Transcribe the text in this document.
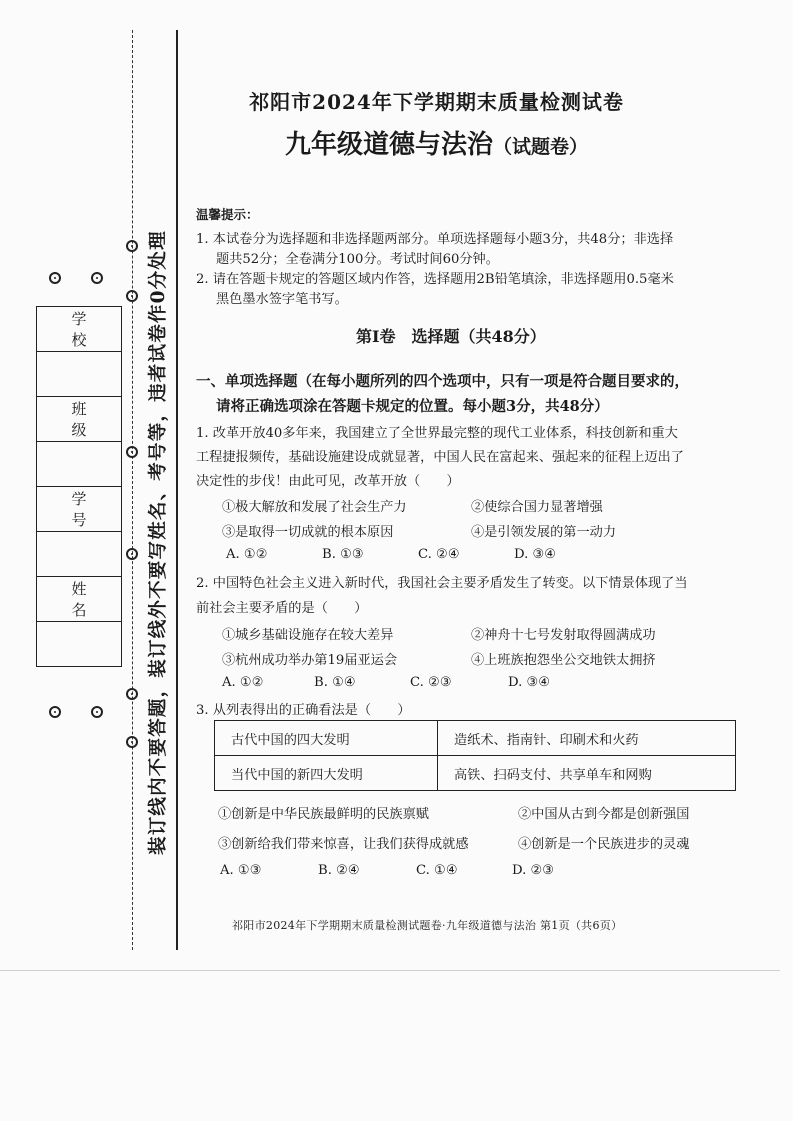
装订线内不要答题，装订线外不要写姓名、考号等，违者试卷作0分处理
学 校

班 级

学 号

姓 名

祁阳市2024年下学期期末质量检测试卷
九年级道德与法治（试题卷）
温馨提示：
1. 本试卷分为选择题和非选择题两部分。单项选择题每小题3分，共48分；非选择
题共52分；全卷满分100分。考试时间60分钟。
2. 请在答题卡规定的答题区域内作答，选择题用2B铅笔填涂，非选择题用0.5毫米
黑色墨水签字笔书写。
第Ⅰ卷　选择题（共48分）
一、单项选择题（在每小题所列的四个选项中，只有一项是符合题目要求的，
请将正确选项涂在答题卡规定的位置。每小题3分，共48分）
1. 改革开放40多年来，我国建立了全世界最完整的现代工业体系，科技创新和重大
工程捷报频传，基础设施建设成就显著，中国人民在富起来、强起来的征程上迈出了
决定性的步伐！由此可见，改革开放（　　）
①极大解放和发展了社会生产力	②使综合国力显著增强
③是取得一切成就的根本原因	④是引领发展的第一动力
A. ①②	B. ①③	C. ②④	D. ③④
2. 中国特色社会主义进入新时代，我国社会主要矛盾发生了转变。以下情景体现了当
前社会主要矛盾的是（　　）
①城乡基础设施存在较大差异	②神舟十七号发射取得圆满成功
③杭州成功举办第19届亚运会	④上班族抱怨坐公交地铁太拥挤
A. ①②	B. ①④	C. ②③	D. ③④
3. 从列表得出的正确看法是（　　）
古代中国的四大发明	造纸术、指南针、印刷术和火药
当代中国的新四大发明	高铁、扫码支付、共享单车和网购
①创新是中华民族最鲜明的民族禀赋	②中国从古到今都是创新强国
③创新给我们带来惊喜，让我们获得成就感	④创新是一个民族进步的灵魂
A. ①③	B. ②④	C. ①④	D. ②③
祁阳市2024年下学期期末质量检测试题卷·九年级道德与法治 第1页（共6页）
